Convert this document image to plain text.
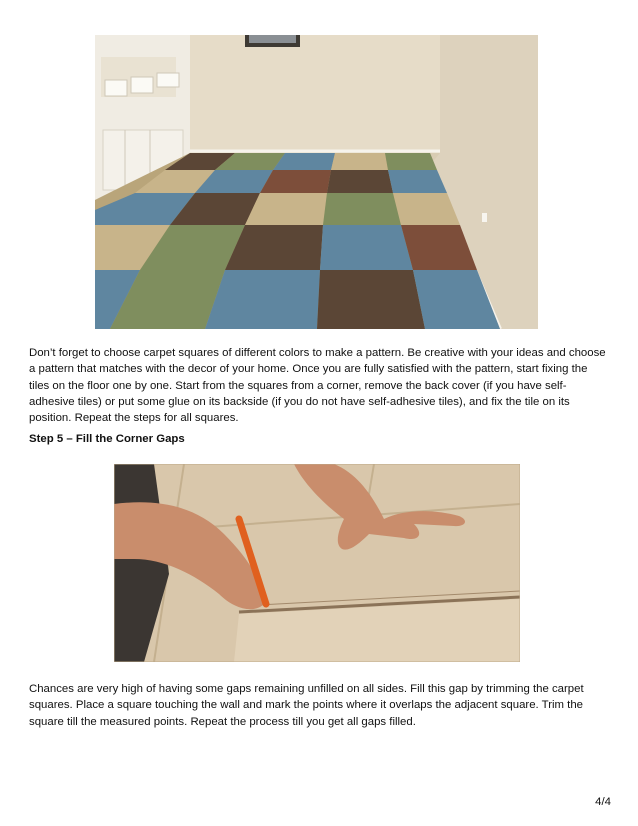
Don’t forget to choose carpet squares of different colors to make a pattern. Be creative with your ideas and choose a pattern that matches with the decor of your home. Once you are fully satisfied with the pattern, start fixing the tiles on the floor one by one. Start from the squares from a corner, remove the back cover (if you have self-adhesive tiles) or put some glue on its backside (if you do not have self-adhesive tiles), and fix the tile on its position. Repeat the steps for all squares.

Step 5 – Fill the Corner Gaps

Chances are very high of having some gaps remaining unfilled on all sides. Fill this gap by trimming the carpet squares. Place a square touching the wall and mark the points where it overlaps the adjacent square. Trim the square till the measured points. Repeat the process till you get all gaps filled.

4/4
